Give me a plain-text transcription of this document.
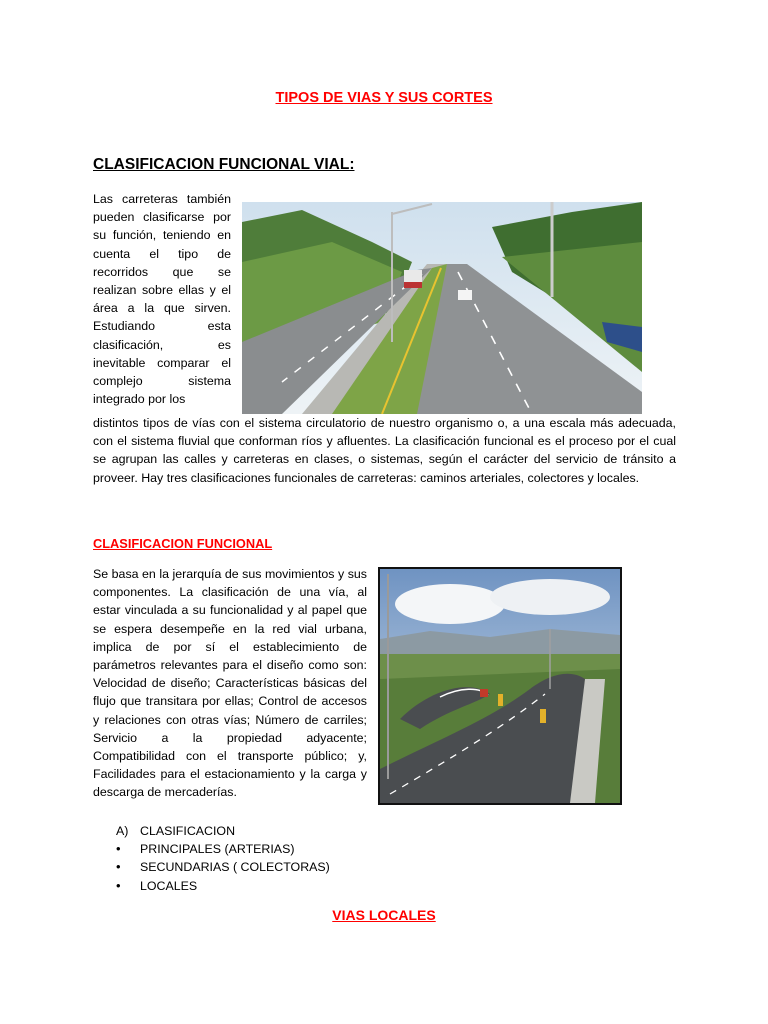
TIPOS DE VIAS Y SUS CORTES
CLASIFICACION FUNCIONAL VIAL:
Las carreteras también pueden clasificarse por su función, teniendo en cuenta el tipo de recorridos que se realizan sobre ellas y el área a la que sirven. Estudiando esta clasificación, es inevitable comparar el complejo sistema integrado por los
distintos tipos de vías con el sistema circulatorio de nuestro organismo o, a una escala más adecuada, con el sistema fluvial que conforman ríos y afluentes. La clasificación funcional es el proceso por el cual se agrupan las calles y carreteras en clases, o sistemas, según el carácter del servicio de tránsito a proveer. Hay tres clasificaciones funcionales de carreteras: caminos arteriales, colectores y locales.
CLASIFICACION FUNCIONAL
Se basa en la jerarquía de sus movimientos y sus componentes. La clasificación de una vía, al estar vinculada a su funcionalidad y al papel que se espera desempeñe en la red vial urbana, implica de por sí el establecimiento de parámetros relevantes para el diseño como son: Velocidad de diseño; Características básicas del flujo que transitara por ellas; Control de accesos y relaciones con otras vías; Número de carriles; Servicio a la propiedad adyacente; Compatibilidad con el transporte público; y, Facilidades para el estacionamiento y la carga y descarga de mercaderías.
A) CLASIFICACION
•	PRINCIPALES (ARTERIAS)
•	SECUNDARIAS ( COLECTORAS)
•	LOCALES
VIAS LOCALES
